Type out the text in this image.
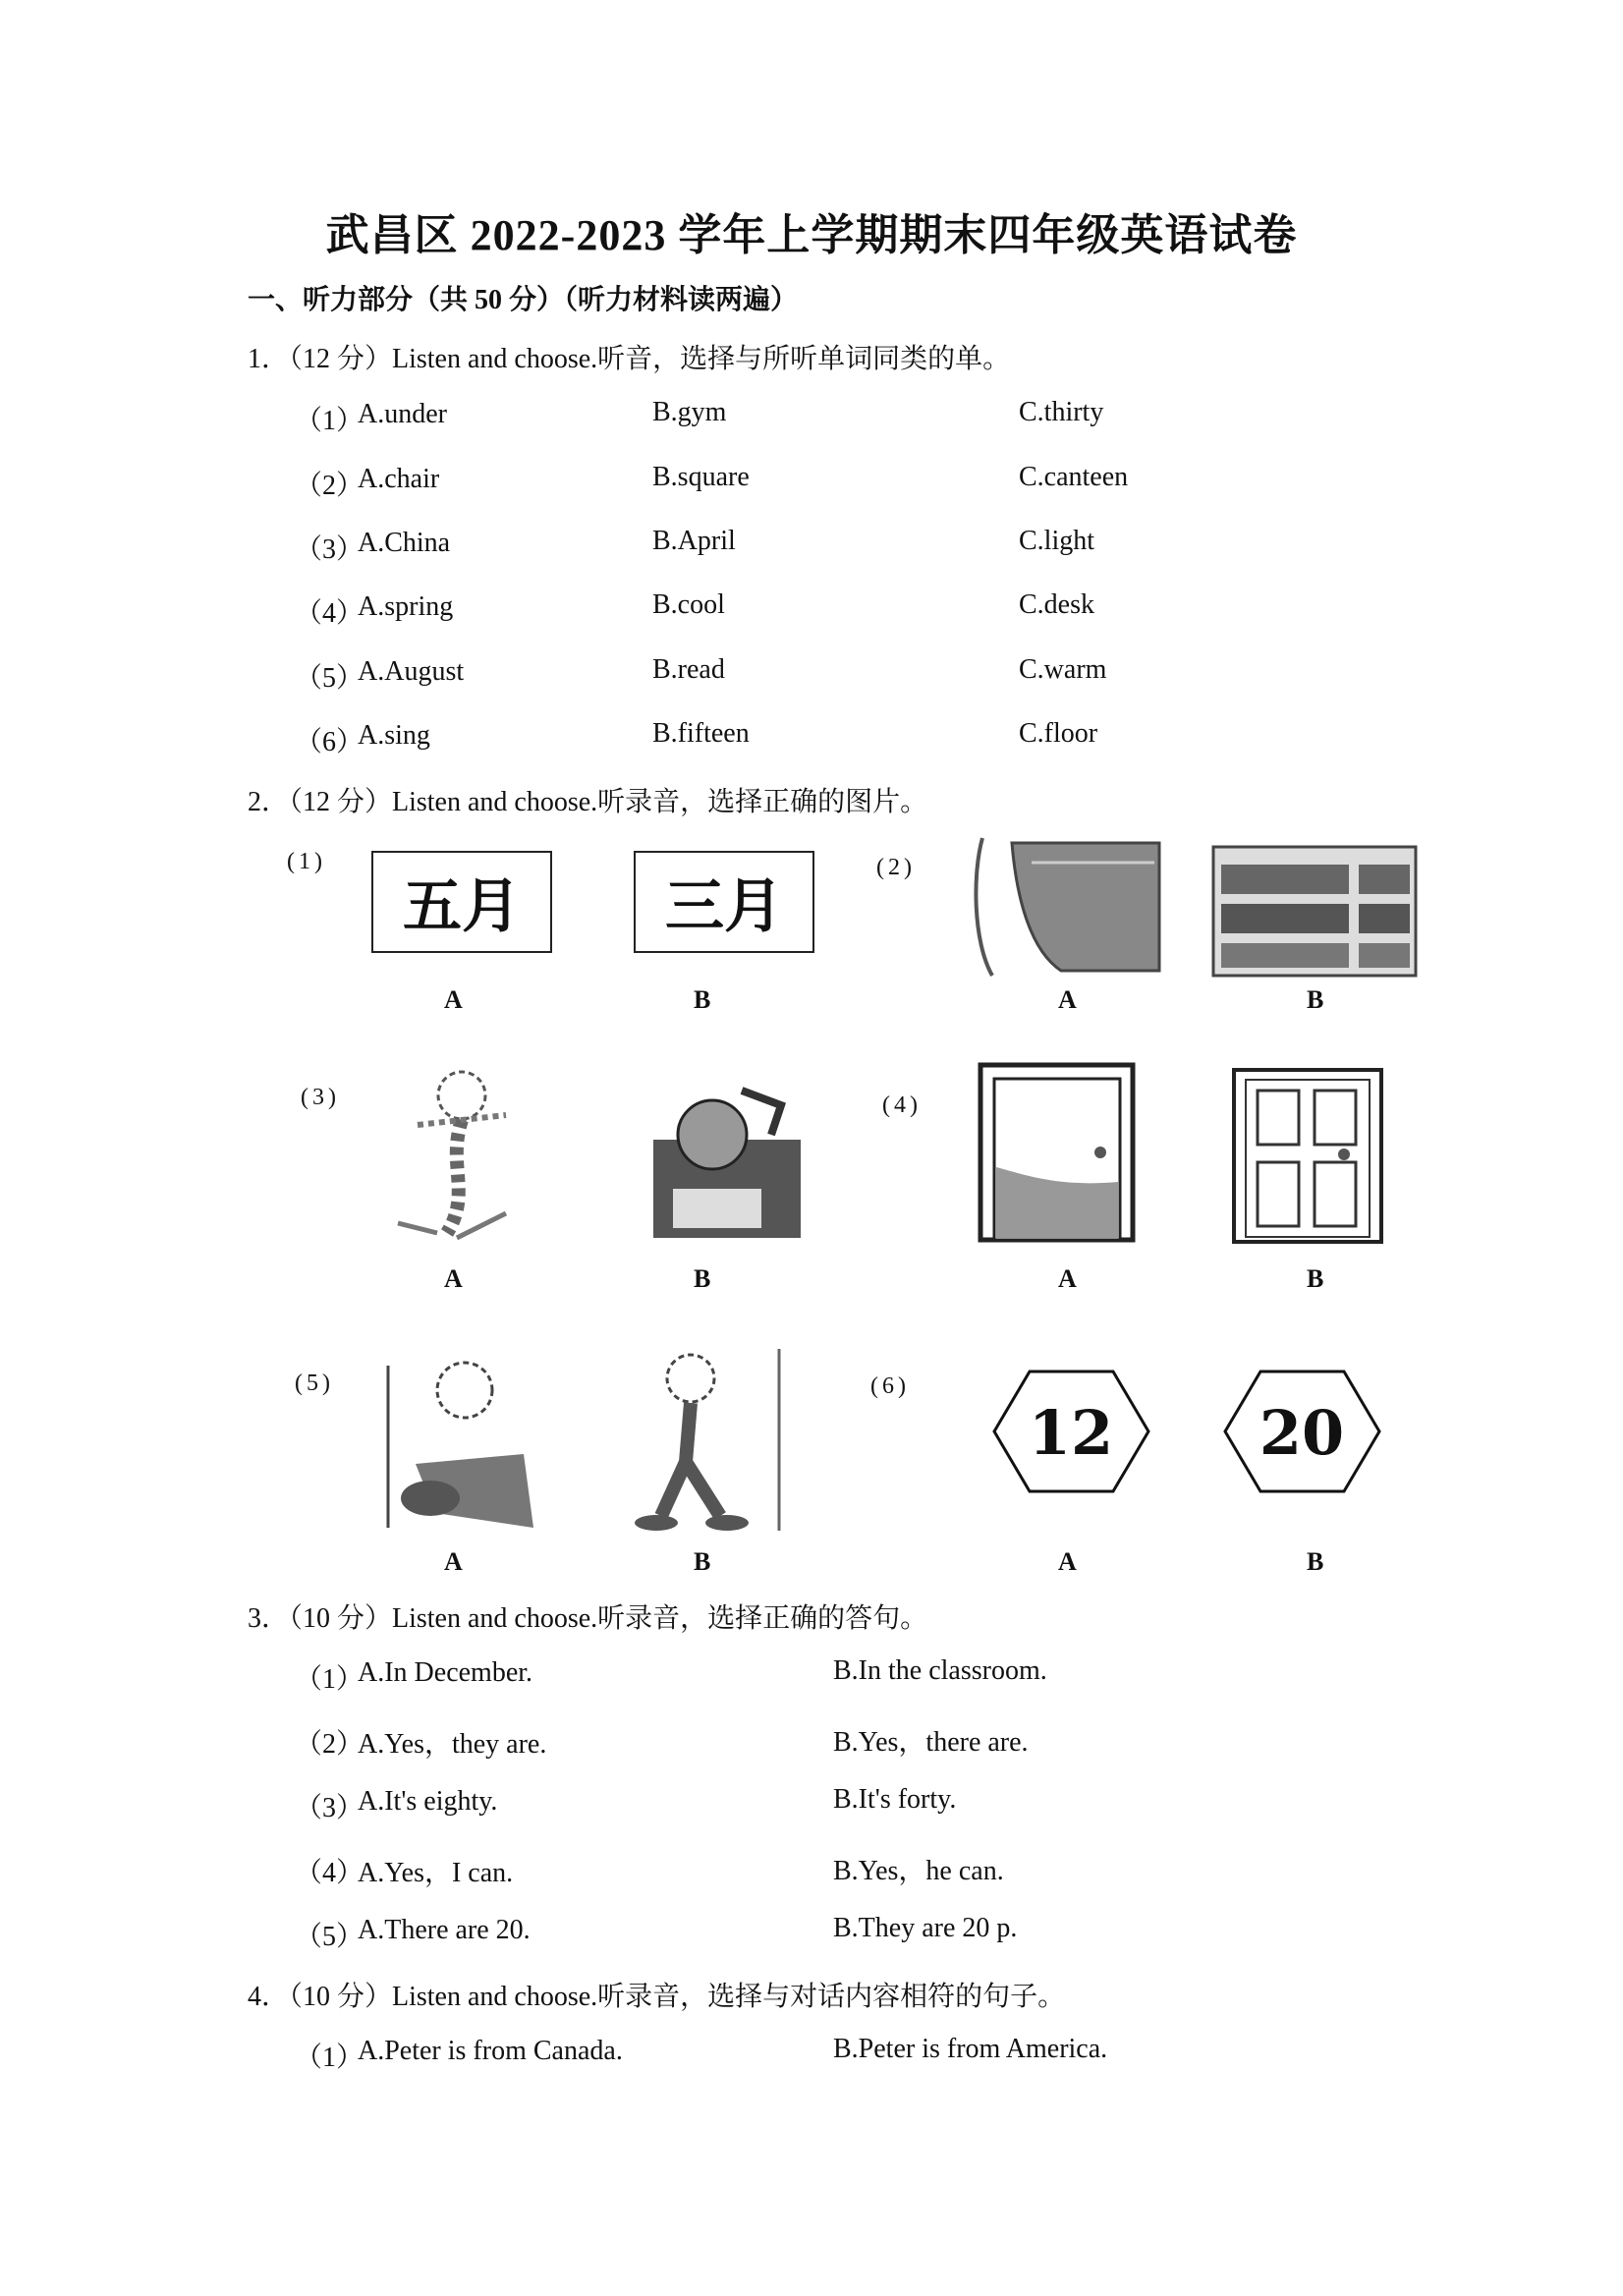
武昌区 2022-2023 学年上学期期末四年级英语试卷
一、听力部分（共 50 分）（听力材料读两遍）
1．（12 分）Listen and choose.听音，选择与所听单词同类的单。
（1）
A.under	B.gym	C.thirty
（2）
A.chair	B.square	C.canteen
（3）
A.China	B.April	C.light
（4）
A.spring	B.cool	C.desk
（5）
A.August	B.read	C.warm
（6）
A.sing	B.fifteen	C.floor
2．（12 分）Listen and choose.听录音，选择正确的图片。
(1)
五月 三月
A	B
(2)
A	B
(3)
A	B
(4)
A	B
(5)
A	B
(6)
12 20
A	B
3．（10 分）Listen and choose.听录音，选择正确的答句。
（1）
A.In December.	B.In the classroom.
（2）
A.Yes，they are.	B.Yes，there are.
（3）
A.It's eighty.	B.It's forty.
（4）
A.Yes，I can.	B.Yes，he can.
（5）
A.There are 20.	B.They are 20 p.
4．（10 分）Listen and choose.听录音，选择与对话内容相符的句子。
（1）
A.Peter is from Canada.	B.Peter is from America.
